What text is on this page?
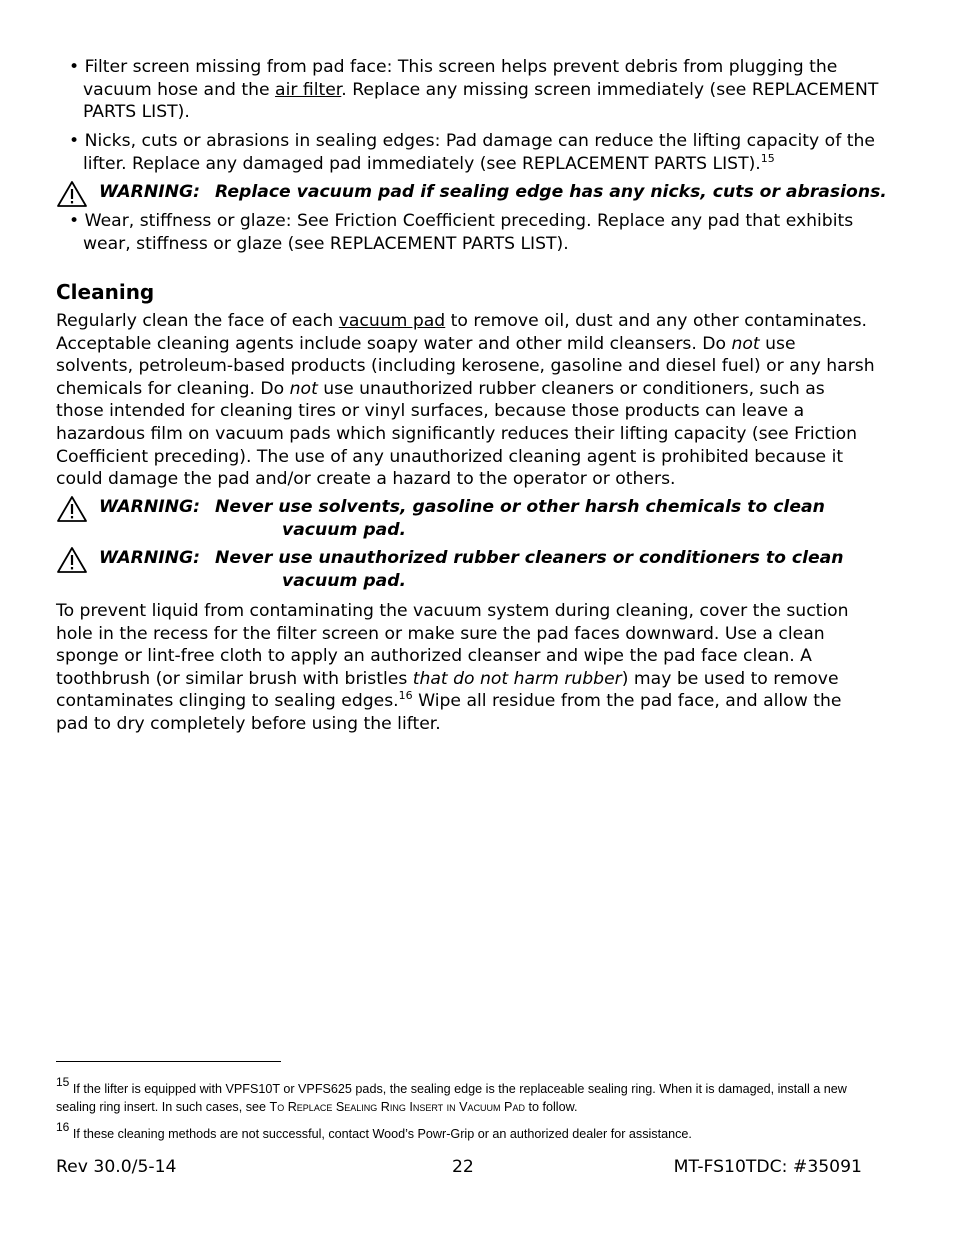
• Filter screen missing from pad face: This screen helps prevent debris from plugging the vacuum hose and the air filter. Replace any missing screen immediately (see REPLACEMENT PARTS LIST).
• Nicks, cuts or abrasions in sealing edges: Pad damage can reduce the lifting capacity of the lifter. Replace any damaged pad immediately (see REPLACEMENT PARTS LIST).$^{15}$
WARNING: Replace vacuum pad if sealing edge has any nicks, cuts or abrasions.
• Wear, stiffness or glaze: See Friction Coefficient preceding. Replace any pad that exhibits wear, stiffness or glaze (see REPLACEMENT PARTS LIST).
Cleaning
Regularly clean the face of each vacuum pad to remove oil, dust and any other contaminates. Acceptable cleaning agents include soapy water and other mild cleansers. Do not use solvents, petroleum-based products (including kerosene, gasoline and diesel fuel) or any harsh chemicals for cleaning. Do not use unauthorized rubber cleaners or conditioners, such as those intended for cleaning tires or vinyl surfaces, because those products can leave a hazardous film on vacuum pads which significantly reduces their lifting capacity (see Friction Coefficient preceding). The use of any unauthorized cleaning agent is prohibited because it could damage the pad and/or create a hazard to the operator or others.
WARNING: Never use solvents, gasoline or other harsh chemicals to clean
vacuum pad.
WARNING: Never use unauthorized rubber cleaners or conditioners to clean
vacuum pad.
To prevent liquid from contaminating the vacuum system during cleaning, cover the suction hole in the recess for the filter screen or make sure the pad faces downward. Use a clean sponge or lint-free cloth to apply an authorized cleanser and wipe the pad face clean. A toothbrush (or similar brush with bristles that do not harm rubber) may be used to remove contaminates clinging to sealing edges.$^{16}$ Wipe all residue from the pad face, and allow the pad to dry completely before using the lifter.
$^{15}$ If the lifter is equipped with VPFS10T or VPFS625 pads, the sealing edge is the replaceable sealing ring. When it is damaged, install a new sealing ring insert. In such cases, see To Replace Sealing Ring Insert in Vacuum Pad to follow.
$^{16}$ If these cleaning methods are not successful, contact Wood’s Powr-Grip or an authorized dealer for assistance.
Rev 30.0/5-14	22	MT-FS10TDC: #35091
